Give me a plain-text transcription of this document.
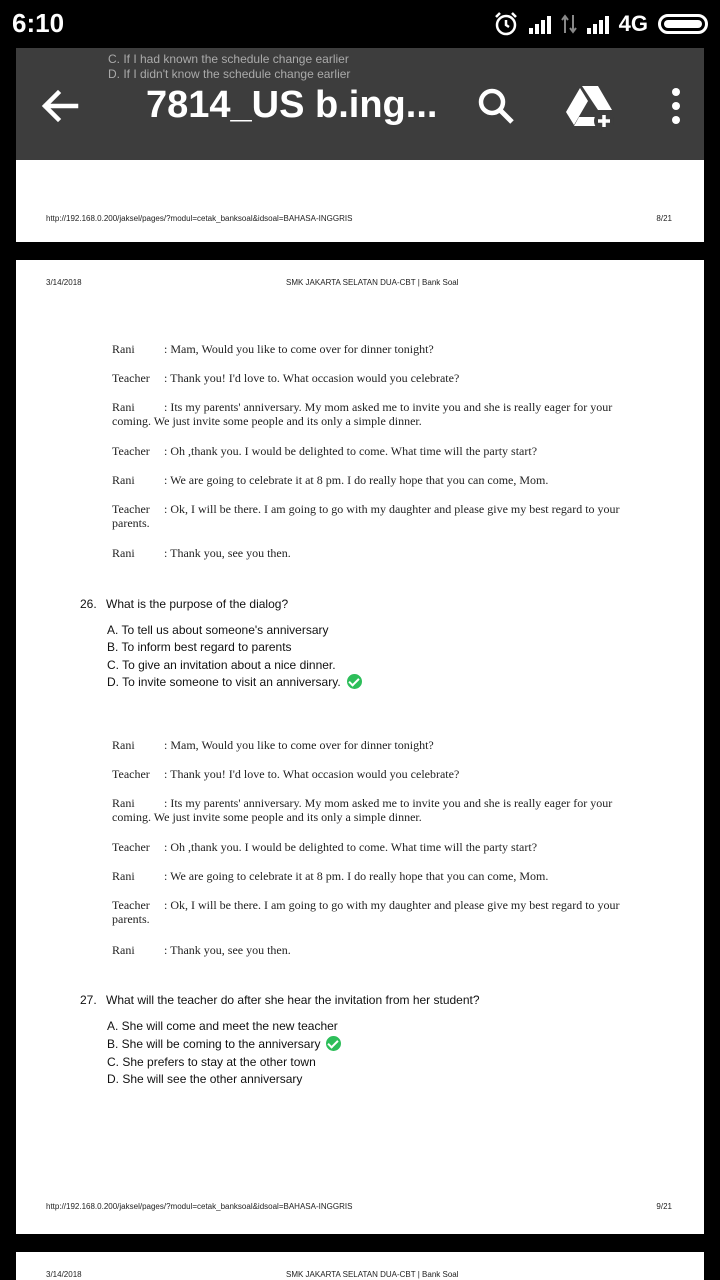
6:10	4G
http://192.168.0.200/jaksel/pages/?modul=cetak_banksoal&idsoal=BAHASA-INGGRIS	8/21
3/14/2018	SMK JAKARTA SELATAN DUA-CBT | Bank Soal
Rani : Mam, Would you like to come over for dinner tonight?
Teacher : Thank you! I'd love to. What occasion would you celebrate?
Rani : Its my parents' anniversary. My mom asked me to invite you and she is really eager for your coming. We just invite some people and its only a simple dinner.
Teacher : Oh ,thank you. I would be delighted to come. What time will the party start?
Rani : We are going to celebrate it at 8 pm. I do really hope that you can come, Mom.
Teacher : Ok, I will be there. I am going to go with my daughter and please give my best regard to your parents.
Rani : Thank you, see you then.
26. What is the purpose of the dialog?
A. To tell us about someone's anniversary
B. To inform best regard to parents
C. To give an invitation about a nice dinner.
D. To invite someone to visit an anniversary.
Rani : Mam, Would you like to come over for dinner tonight?
Teacher : Thank you! I'd love to. What occasion would you celebrate?
Rani : Its my parents' anniversary. My mom asked me to invite you and she is really eager for your coming. We just invite some people and its only a simple dinner.
Teacher : Oh ,thank you. I would be delighted to come. What time will the party start?
Rani : We are going to celebrate it at 8 pm. I do really hope that you can come, Mom.
Teacher : Ok, I will be there. I am going to go with my daughter and please give my best regard to your parents.
Rani : Thank you, see you then.
27. What will the teacher do after she hear the invitation from her student?
A. She will come and meet the new teacher
B. She will be coming to the anniversary
C. She prefers to stay at the other town
D. She will see the other anniversary
http://192.168.0.200/jaksel/pages/?modul=cetak_banksoal&idsoal=BAHASA-INGGRIS	9/21
3/14/2018	SMK JAKARTA SELATAN DUA-CBT | Bank Soal
C. If I had known the schedule change earlier
D. If I didn't know the schedule change earlier
7814_US b.ing...
